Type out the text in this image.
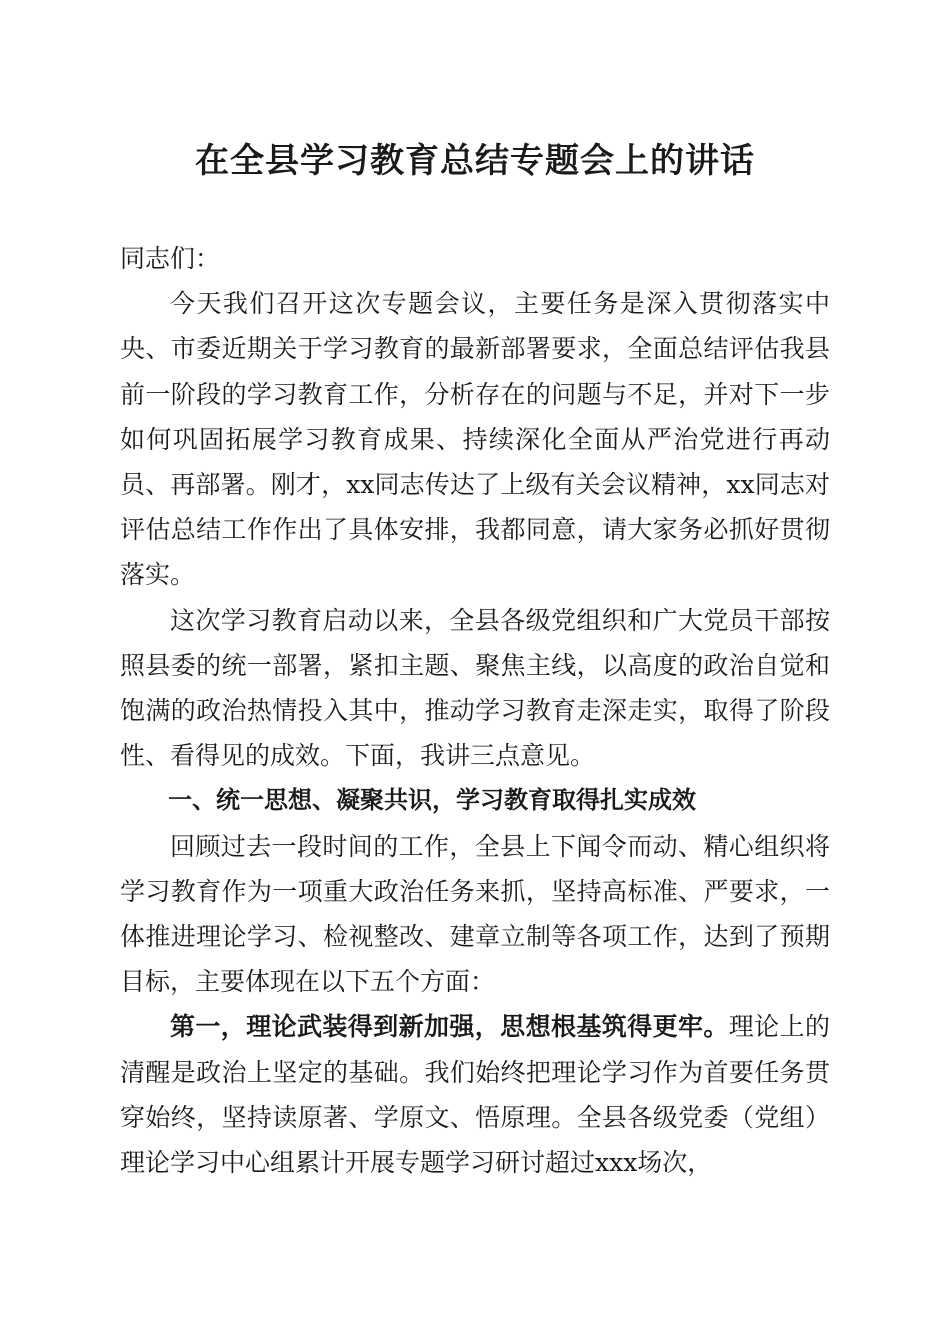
在全县学习教育总结专题会上的讲话

同志们：

今天我们召开这次专题会议，主要任务是深入贯彻落实中央、市委近期关于学习教育的最新部署要求，全面总结评估我县前一阶段的学习教育工作，分析存在的问题与不足，并对下一步如何巩固拓展学习教育成果、持续深化全面从严治党进行再动员、再部署。刚才，xx同志传达了上级有关会议精神，xx同志对评估总结工作作出了具体安排，我都同意，请大家务必抓好贯彻落实。

这次学习教育启动以来，全县各级党组织和广大党员干部按照县委的统一部署，紧扣主题、聚焦主线，以高度的政治自觉和饱满的政治热情投入其中，推动学习教育走深走实，取得了阶段性、看得见的成效。下面，我讲三点意见。

一、统一思想、凝聚共识，学习教育取得扎实成效

回顾过去一段时间的工作，全县上下闻令而动、精心组织将学习教育作为一项重大政治任务来抓，坚持高标准、严要求，一体推进理论学习、检视整改、建章立制等各项工作，达到了预期目标，主要体现在以下五个方面：

第一，理论武装得到新加强，思想根基筑得更牢。理论上的清醒是政治上坚定的基础。我们始终把理论学习作为首要任务贯穿始终，坚持读原著、学原文、悟原理。全县各级党委（党组）理论学习中心组累计开展专题学习研讨超过xxx场次，
